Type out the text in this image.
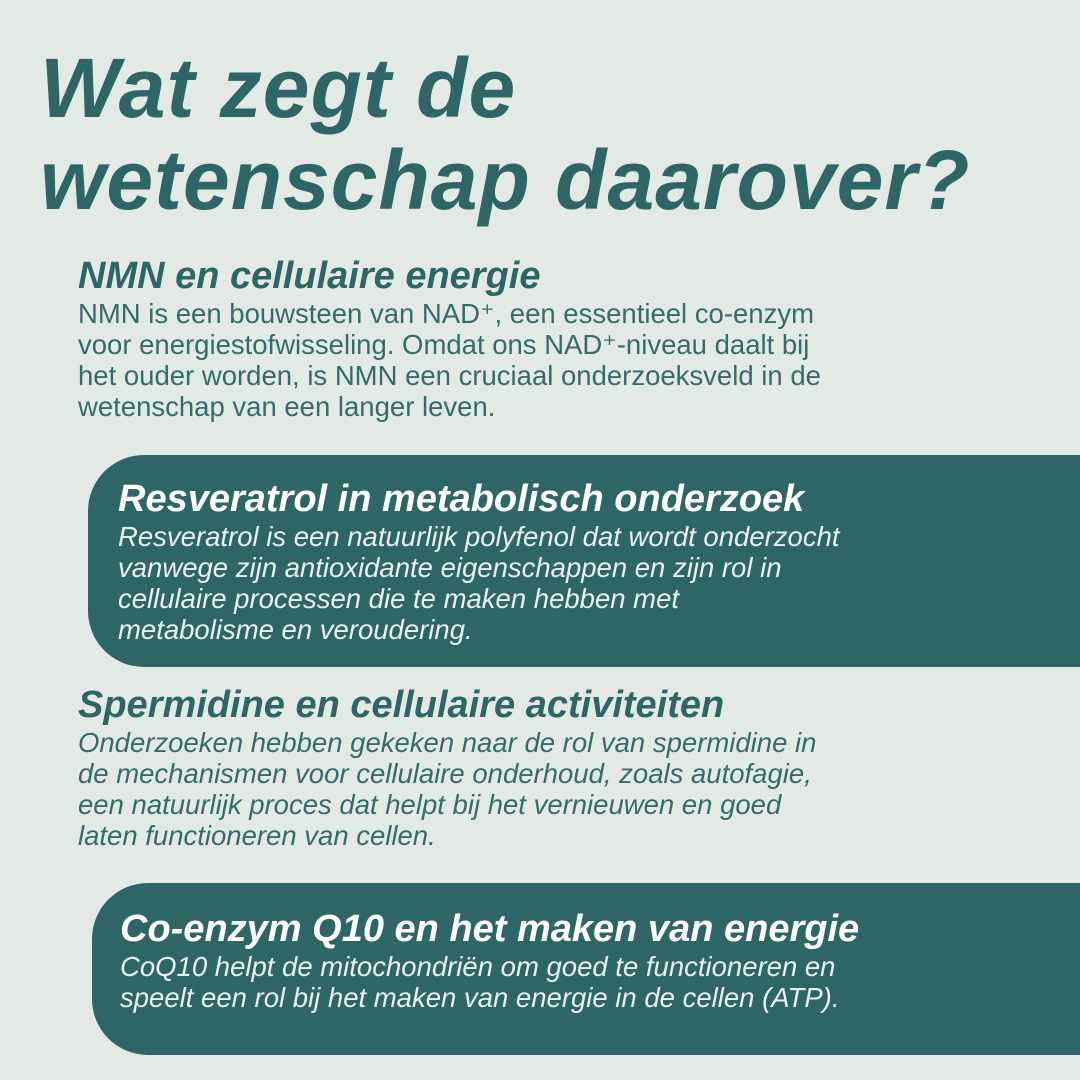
Wat zegt de
wetenschap daarover?
NMN en cellulaire energie

NMN is een bouwsteen van NAD⁺, een essentieel co-enzym
voor energiestofwisseling. Omdat ons NAD⁺-niveau daalt bij
het ouder worden, is NMN een cruciaal onderzoeksveld in de
wetenschap van een langer leven.

Resveratrol in metabolisch onderzoek

Resveratrol is een natuurlijk polyfenol dat wordt onderzocht
vanwege zijn antioxidante eigenschappen en zijn rol in
cellulaire processen die te maken hebben met
metabolisme en veroudering.

Spermidine en cellulaire activiteiten

Onderzoeken hebben gekeken naar de rol van spermidine in
de mechanismen voor cellulaire onderhoud, zoals autofagie,
een natuurlijk proces dat helpt bij het vernieuwen en goed
laten functioneren van cellen.

Co-enzym Q10 en het maken van energie

CoQ10 helpt de mitochondriën om goed te functioneren en
speelt een rol bij het maken van energie in de cellen (ATP).
